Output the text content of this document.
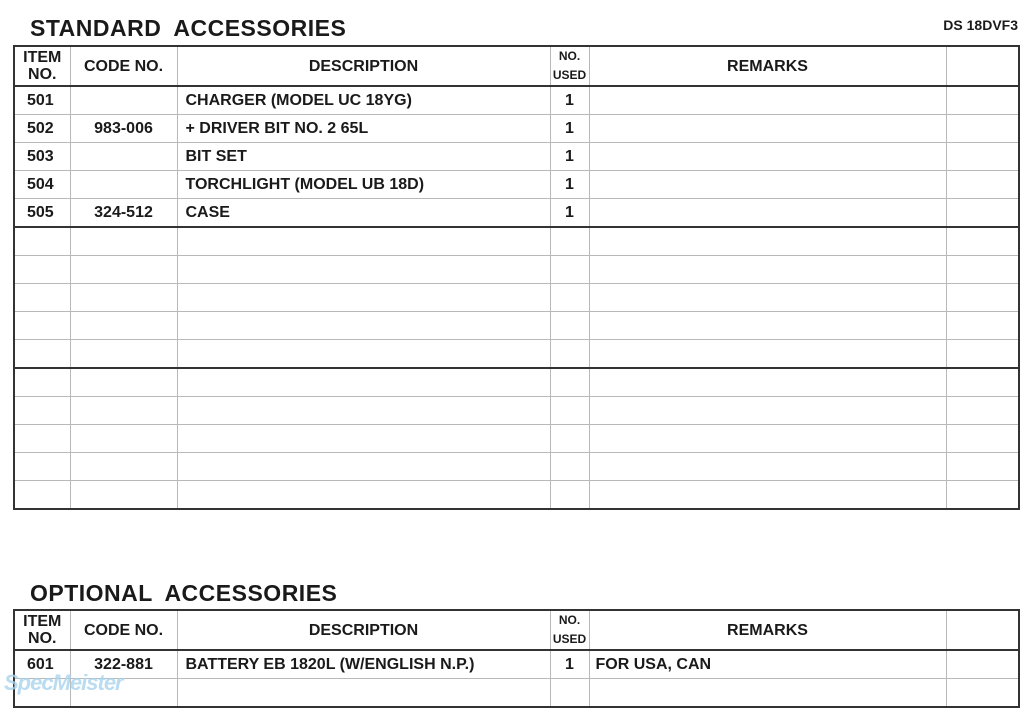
STANDARD ACCESSORIES	DS 18DVF3
ITEM
NO.	CODE NO.	DESCRIPTION	NO.
USED	REMARKS	
501		CHARGER (MODEL UC 18YG)	1		
502	983-006	+ DRIVER BIT NO. 2 65L	1		
503		BIT SET	1		
504		TORCHLIGHT (MODEL UB 18D)	1		
505	324-512	CASE	1		

OPTIONAL ACCESSORIES
ITEM
NO.	CODE NO.	DESCRIPTION	NO.
USED	REMARKS	
601	322-881	BATTERY EB 1820L (W/ENGLISH N.P.)	1	FOR USA, CAN	

SpecMeister
